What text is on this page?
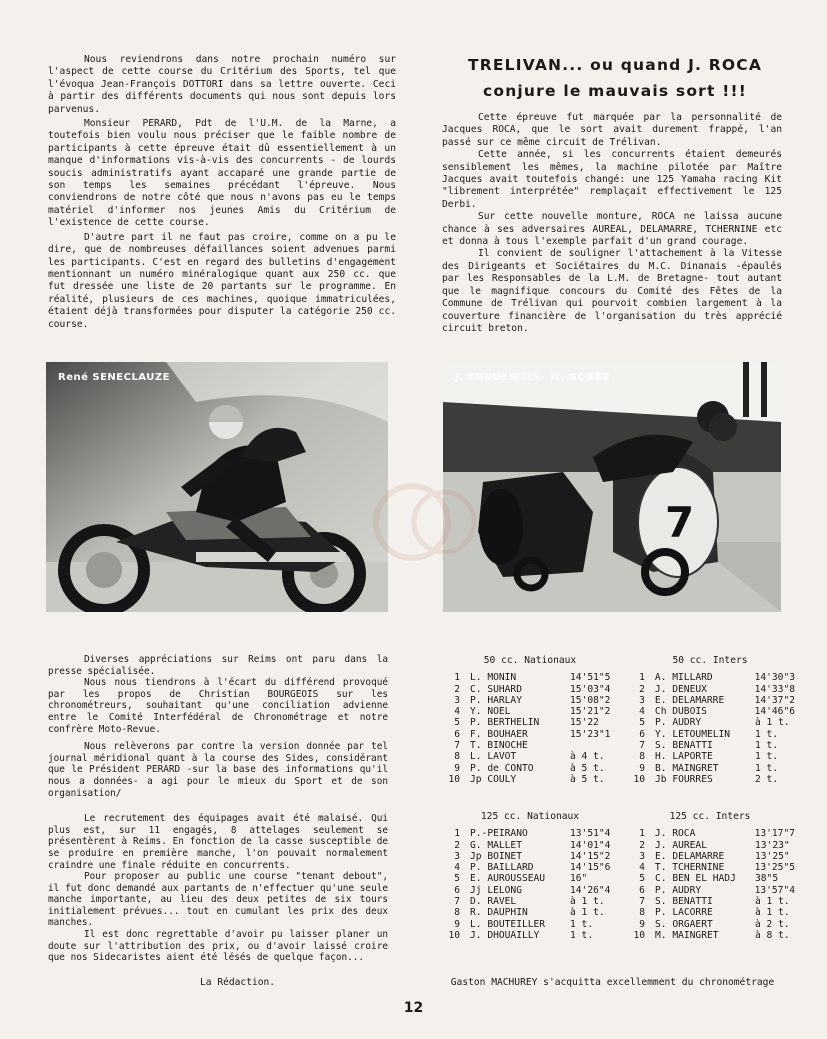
Nous reviendrons dans notre prochain numéro sur l'aspect de cette course du Critérium des Sports, tel que l'évoqua Jean-François DOTTORI dans sa lettre ouverte. Ceci à partir des différents documents qui nous sont depuis lors parvenus.

Monsieur PERARD, Pdt de l'U.M. de la Marne, a toutefois bien voulu nous préciser que le faible nombre de participants à cette épreuve était dû essentiellement à un manque d'informations vis-à-vis des concurrents - de lourds soucis administratifs ayant accaparé une grande partie de son temps les semaines précédant l'épreuve. Nous conviendrons de notre côté que nous n'avons pas eu le temps matériel d'informer nos jeunes Amis du Critérium de l'existence de cette course.

D'autre part il ne faut pas croire, comme on a pu le dire, que de nombreuses défaillances soient advenues parmi les participants. C'est en regard des bulletins d'engagement mentionnant un numéro minéralogique quant aux 250 cc. que fut dressée une liste de 20 partants sur le programme. En réalité, plusieurs de ces machines, quoique immatriculées, étaient déjà transformées pour disputer la catégorie 250 cc. course.

TRELIVAN... ou quand J. ROCA
conjure le mauvais sort !!!

Cette épreuve fut marquée par la personnalité de Jacques ROCA, que le sort avait durement frappé, l'an passé sur ce même circuit de Trélivan.

Cette année, si les concurrents étaient demeurés sensiblement les mêmes, la machine pilotée par Maître Jacques avait toutefois changé: une 125 Yamaha racing Kit "librement interprétée" remplaçait effectivement le 125 Derbi.

Sur cette nouvelle monture, ROCA ne laissa aucune chance à ses adversaires AUREAL, DELAMARRE, TCHERNINE etc et donna à tous l'exemple parfait d'un grand courage.

Il convient de souligner l'attachement à la Vitesse des Dirigeants et Sociétaires du M.C. Dinanais -épaulés par les Responsables de la L.M. de Bretagne- tout autant que le magnifique concours du Comité des Fêtes de la Commune de Trélivan qui pourvoit combien largement à la couverture financière de l'organisation du très apprécié circuit breton.

René SENECLAUZE
7
J. ENNDEWELL- M. GOBBE

Diverses appréciations sur Reims ont paru dans la presse spécialisée.

Nous nous tiendrons à l'écart du différend provoqué par les propos de Christian BOURGEOIS sur les chronométreurs, souhaitant qu'une conciliation advienne entre le Comité Interfédéral de Chronométrage et notre confrère Moto-Revue.

Nous relèverons par contre la version donnée par tel journal méridional quant à la course des Sides, considérant que le Président PERARD -sur la base des informations qu'il nous a données- a agi pour le mieux du Sport et de son organisation/

Le recrutement des équipages avait été malaisé. Qui plus est, sur 11 engagés, 8 attelages seulement se présentèrent à Reims. En fonction de la casse susceptible de se produire en première manche, l'on pouvait normalement craindre une finale réduite en concurrents.

Pour proposer au public une course "tenant debout", il fut donc demandé aux partants de n'effectuer qu'une seule manche importante, au lieu des deux petites de six tours initialement prévues... tout en cumulant les prix des deux manches.

Il est donc regrettable d'avoir pu laisser planer un doute sur l'attribution des prix, ou d'avoir laissé croire que nos Sidecaristes aient été lésés de quelque façon...

La Rédaction.
50 cc. Nationaux
1 L. MONIN	14'51"5
2 C. SUHARD	15'03"4
3 P. HARLAY	15'08"2
4 Y. NOEL	15'21"2
5 P. BERTHELIN	15'22
6 F. BOUHAER	15'23"1
7 T. BINOCHE
8 L. LAVOT	à 4 t.
9 P. de CONTO	à 5 t.
10 Jp COULY	à 5 t.
50 cc. Inters
1 A. MILLARD	14'30"3
2 J. DENEUX	14'33"8
3 E. DELAMARRE	14'37"2
4 Ch DUBOIS	14'46"6
5 P. AUDRY	à 1 t.
6 Y. LETOUMELIN	1 t.
7 S. BENATTI	1 t.
8 H. LAPORTE	1 t.
9 B. MAINGRET	1 t.
10 Jb FOURRES	2 t.
125 cc. Nationaux
1 P.-PEIRANO	13'51"4
2 G. MALLET	14'01"4
3 Jp BOINET	14'15"2
4 P. BAILLARD	14'15"6
5 E. AUROUSSEAU	16"
6 Jj LELONG	14'26"4
7 D. RAVEL	à 1 t.
8 R. DAUPHIN	à 1 t.
9 L. BOUTEILLER	1 t.
10 J. DHOUAILLY	1 t.
125 cc. Inters
1 J. ROCA	13'17"7
2 J. AUREAL	13'23"
3 E. DELAMARRE	13'25"
4 T. TCHERNINE	13'25"5
5 C. BEN EL HADJ	38"5
6 P. AUDRY	13'57"4
7 S. BENATTI	à 1 t.
8 P. LACORRE	à 1 t.
9 S. ORGAERT	à 2 t.
10 M. MAINGRET	à 8 t.
Gaston MACHUREY s'acquitta excellemment du chronométrage
12
